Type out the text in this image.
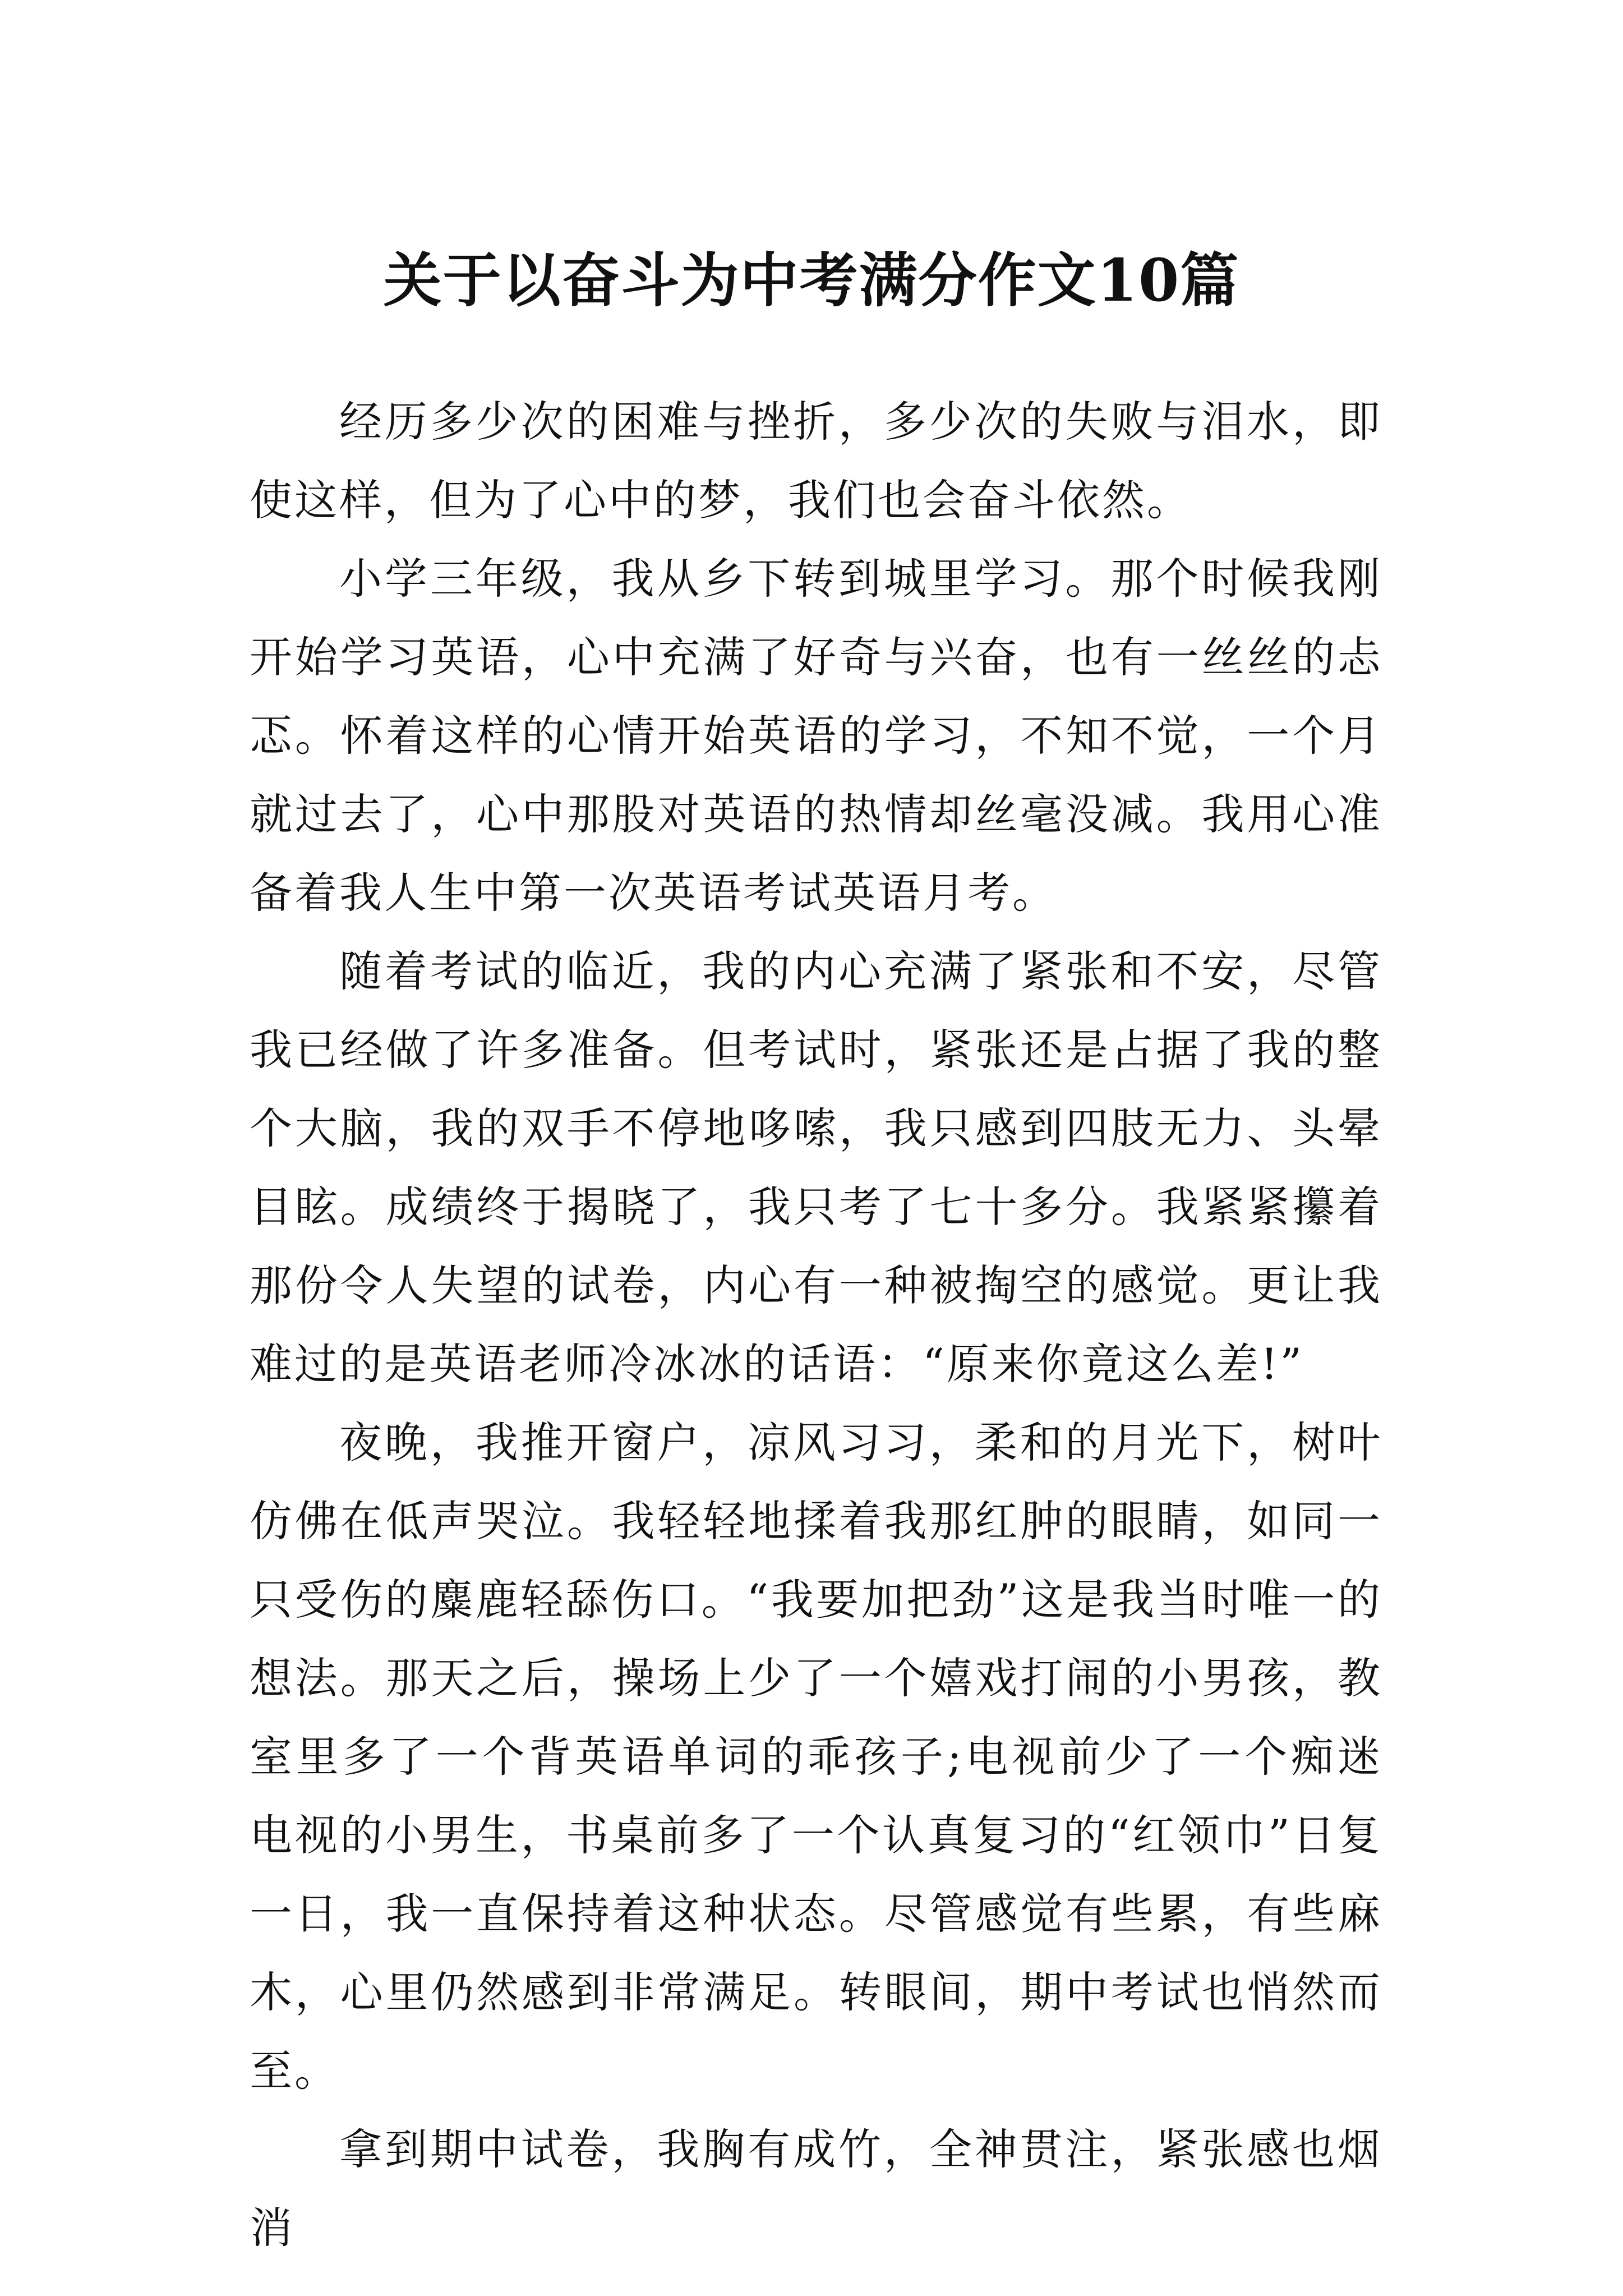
关于以奋斗为中考满分作文10篇

经历多少次的困难与挫折，多少次的失败与泪水，即使这样，但为了心中的梦，我们也会奋斗依然。

小学三年级，我从乡下转到城里学习。那个时候我刚开始学习英语，心中充满了好奇与兴奋，也有一丝丝的忐忑。怀着这样的心情开始英语的学习，不知不觉，一个月就过去了，心中那股对英语的热情却丝毫没减。我用心准备着我人生中第一次英语考试英语月考。

随着考试的临近，我的内心充满了紧张和不安，尽管我已经做了许多准备。但考试时，紧张还是占据了我的整个大脑，我的双手不停地哆嗦，我只感到四肢无力、头晕目眩。成绩终于揭晓了，我只考了七十多分。我紧紧攥着那份令人失望的试卷，内心有一种被掏空的感觉。更让我难过的是英语老师冷冰冰的话语：“原来你竟这么差!”

夜晚，我推开窗户，凉风习习，柔和的月光下，树叶仿佛在低声哭泣。我轻轻地揉着我那红肿的眼睛，如同一只受伤的麋鹿轻舔伤口。“我要加把劲”这是我当时唯一的想法。那天之后，操场上少了一个嬉戏打闹的小男孩，教室里多了一个背英语单词的乖孩子;电视前少了一个痴迷电视的小男生，书桌前多了一个认真复习的“红领巾”日复一日，我一直保持着这种状态。尽管感觉有些累，有些麻木，心里仍然感到非常满足。转眼间，期中考试也悄然而至。

拿到期中试卷，我胸有成竹，全神贯注，紧张感也烟消
